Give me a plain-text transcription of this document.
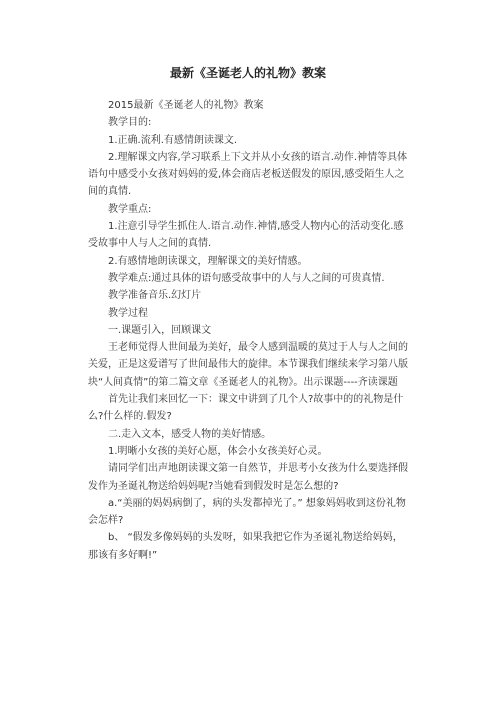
最新《圣诞老人的礼物》教案

2015最新《圣诞老人的礼物》教案

教学目的:

1.正确.流利.有感情朗读课文.

2.理解课文内容,学习联系上下文并从小女孩的语言.动作.神情等具体语句中感受小女孩对妈妈的爱,体会商店老板送假发的原因,感受陌生人之间的真情.

教学重点:

1.注意引导学生抓住人.语言.动作.神情,感受人物内心的活动变化.感受故事中人与人之间的真情.

2.有感情地朗读课文，理解课文的美好情感。

教学难点:通过具体的语句感受故事中的人与人之间的可贵真情.

教学准备音乐.幻灯片

教学过程

一.课题引入，回顾课文

王老师觉得人世间最为美好，最令人感到温暖的莫过于人与人之间的关爱，正是这爱谱写了世间最伟大的旋律。本节课我们继续来学习第八版块“人间真情”的第二篇文章《圣诞老人的礼物》。出示课题----齐读课题

首先让我们来回忆一下：课文中讲到了几个人?故事中的的礼物是什么?什么样的.假发?

二.走入文本，感受人物的美好情感。

1.明晰小女孩的美好心愿，体会小女孩美好心灵。

请同学们出声地朗读课文第一自然节，并思考小女孩为什么要选择假发作为圣诞礼物送给妈妈呢?当她看到假发时是怎么想的?

a.“美丽的妈妈病倒了，病的头发都掉光了。” 想象妈妈收到这份礼物会怎样?

b、 “假发多像妈妈的头发呀，如果我把它作为圣诞礼物送给妈妈，那该有多好啊!”
